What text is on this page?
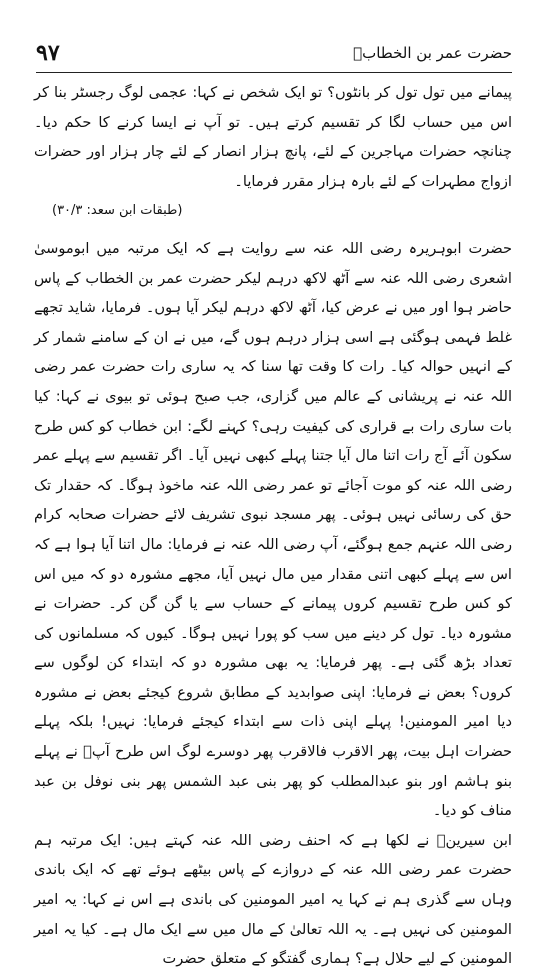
٩٧	حضرت عمر بن الخطابؓ

پیمانے میں تول تول کر بانٹوں؟ تو ایک شخص نے کہا: عجمی لوگ رجسٹر بنا کر اس میں حساب لگا کر تقسیم کرتے ہیں۔ تو آپ نے ایسا کرنے کا حکم دیا۔ چنانچہ حضرات مہاجرین کے لئے، پانچ ہزار انصار کے لئے چار ہزار اور حضرات ازواج مطہرات کے لئے بارہ ہزار مقرر فرمایا۔

(طبقات ابن سعد: ۳۰/۳)

حضرت ابوہریرہ رضی اللہ عنہ سے روایت ہے کہ ایک مرتبہ میں ابوموسیٰ اشعری رضی اللہ عنہ سے آٹھ لاکھ درہم لیکر حضرت عمر بن الخطاب کے پاس حاضر ہوا اور میں نے عرض کیا، آٹھ لاکھ درہم لیکر آیا ہوں۔ فرمایا، شاید تجھے غلط فہمی ہوگئی ہے اسی ہزار درہم ہوں گے، میں نے ان کے سامنے شمار کر کے انہیں حوالہ کیا۔ رات کا وقت تھا سنا کہ یہ ساری رات حضرت عمر رضی اللہ عنہ نے پریشانی کے عالم میں گزاری، جب صبح ہوئی تو بیوی نے کہا: کیا بات ساری رات بے قراری کی کیفیت رہی؟ کہنے لگے: ابن خطاب کو کس طرح سکون آئے آج رات اتنا مال آیا جتنا پہلے کبھی نہیں آیا۔ اگر تقسیم سے پہلے عمر رضی اللہ عنہ کو موت آجائے تو عمر رضی اللہ عنہ ماخوذ ہوگا۔ کہ حقدار تک حق کی رسائی نہیں ہوئی۔ پھر مسجد نبوی تشریف لائے حضرات صحابہ کرام رضی اللہ عنہم جمع ہوگئے، آپ رضی اللہ عنہ نے فرمایا: مال اتنا آیا ہوا ہے کہ اس سے پہلے کبھی اتنی مقدار میں مال نہیں آیا، مجھے مشورہ دو کہ میں اس کو کس طرح تقسیم کروں پیمانے کے حساب سے یا گن گن کر۔ حضرات نے مشورہ دیا۔ تول کر دینے میں سب کو پورا نہیں ہوگا۔ کیوں کہ مسلمانوں کی تعداد بڑھ گئی ہے۔ پھر فرمایا: یہ بھی مشورہ دو کہ ابتداء کن لوگوں سے کروں؟ بعض نے فرمایا: اپنی صوابدید کے مطابق شروع کیجئے بعض نے مشورہ دیا امیر المومنین! پہلے اپنی ذات سے ابتداء کیجئے فرمایا: نہیں! بلکہ پہلے حضرات اہل بیت، پھر الاقرب فالاقرب پھر دوسرے لوگ اس طرح آپؓ نے پہلے بنو ہاشم اور بنو عبدالمطلب کو پھر بنی عبد الشمس پھر بنی نوفل بن عبد مناف کو دیا۔

ابن سیرینؒ نے لکھا ہے کہ احنف رضی اللہ عنہ کہتے ہیں: ایک مرتبہ ہم حضرت عمر رضی اللہ عنہ کے دروازے کے پاس بیٹھے ہوئے تھے کہ ایک باندی وہاں سے گذری ہم نے کہا یہ امیر المومنین کی باندی ہے اس نے کہا: یہ امیر المومنین کی نہیں ہے۔ یہ اللہ تعالیٰ کے مال میں سے ایک مال ہے۔ کیا یہ امیر المومنین کے لیے حلال ہے؟ ہماری گفتگو کے متعلق حضرت
